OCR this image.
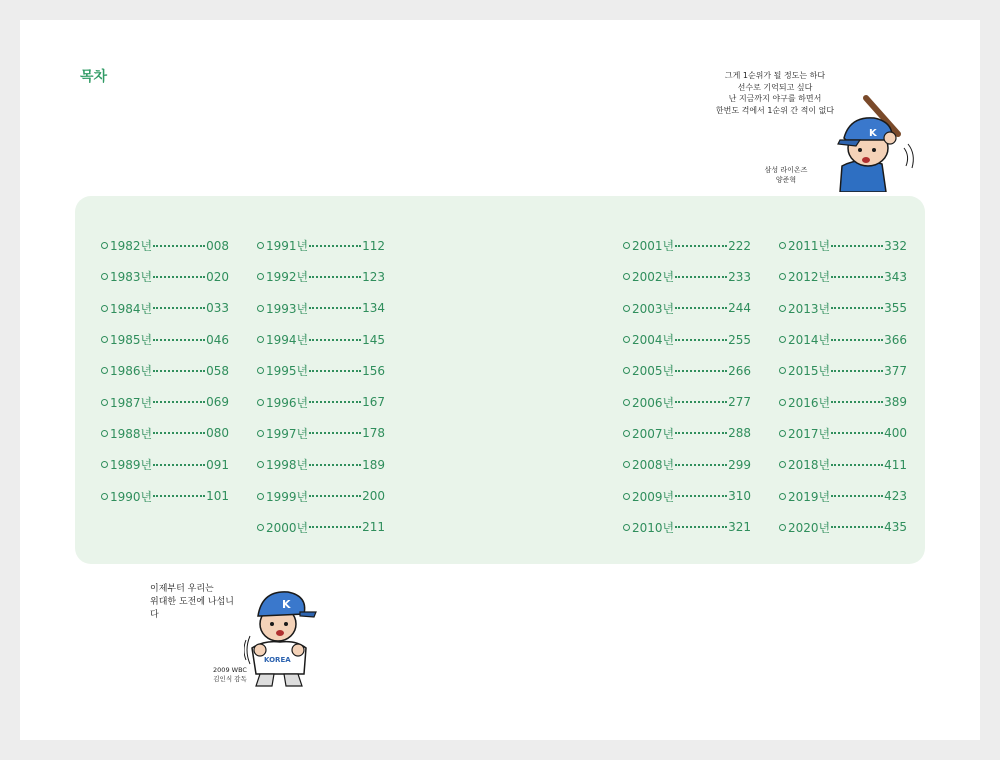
목차	그게 1순위가 될 정도는 하다
선수로 기억되고 싶다
난 지금까지 야구를 하면서
한번도 걱에서 1순위 간 적이 없다
삼성 라이온즈
양준혁
K
1982년	008
1983년	020
1984년	033
1985년	046
1986년	058
1987년	069
1988년	080
1989년	091
1990년	101
1991년	112
1992년	123
1993년	134
1994년	145
1995년	156
1996년	167
1997년	178
1998년	189
1999년	200
2000년	211
2001년	222
2002년	233
2003년	244
2004년	255
2005년	266
2006년	277
2007년	288
2008년	299
2009년	310
2010년	321
2011년	332
2012년	343
2013년	355
2014년	366
2015년	377
2016년	389
2017년	400
2018년	411
2019년	423
2020년	435
이제부터 우리는
위대한 도전에 나섭니다
2009 WBC
김인식 감독
KOREA
K
